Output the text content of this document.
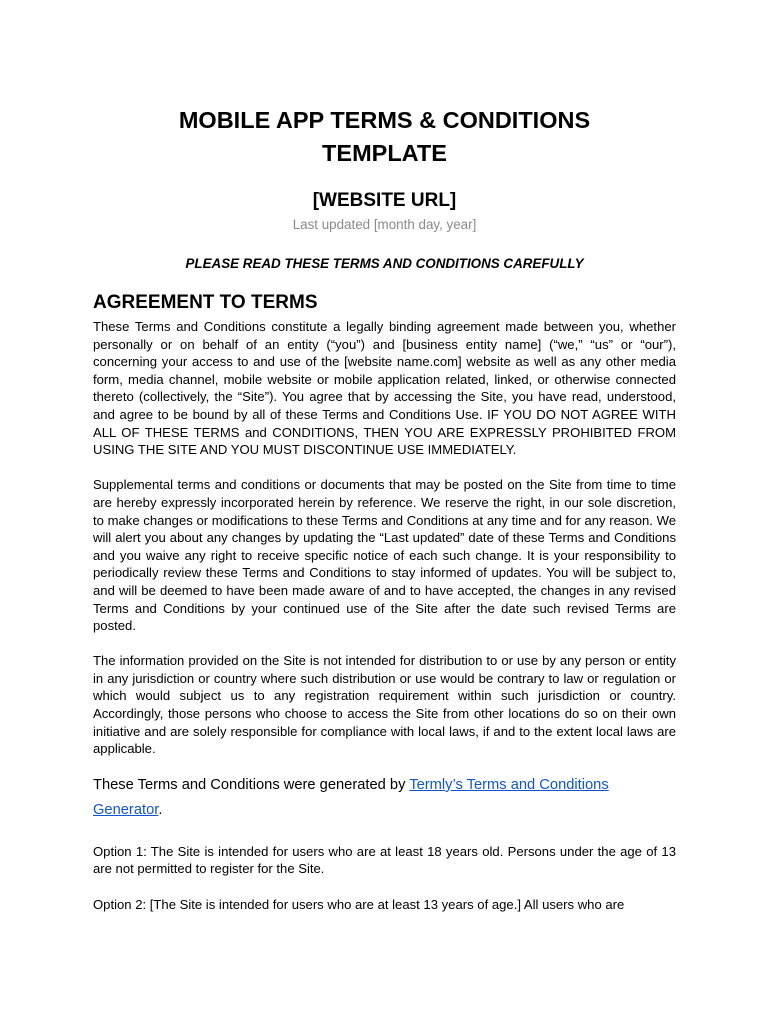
MOBILE APP TERMS & CONDITIONS
TEMPLATE

[WEBSITE URL]

Last updated [month day, year]

PLEASE READ THESE TERMS AND CONDITIONS CAREFULLY

AGREEMENT TO TERMS

These Terms and Conditions constitute a legally binding agreement made between you, whether personally or on behalf of an entity (“you”) and [business entity name] (“we,” “us” or “our”), concerning your access to and use of the [website name.com] website as well as any other media form, media channel, mobile website or mobile application related, linked, or otherwise connected thereto (collectively, the “Site”). You agree that by accessing the Site, you have read, understood, and agree to be bound by all of these Terms and Conditions Use. IF YOU DO NOT AGREE WITH ALL OF THESE TERMS and CONDITIONS, THEN YOU ARE EXPRESSLY PROHIBITED FROM USING THE SITE AND YOU MUST DISCONTINUE USE IMMEDIATELY.

Supplemental terms and conditions or documents that may be posted on the Site from time to time are hereby expressly incorporated herein by reference. We reserve the right, in our sole discretion, to make changes or modifications to these Terms and Conditions at any time and for any reason. We will alert you about any changes by updating the “Last updated” date of these Terms and Conditions and you waive any right to receive specific notice of each such change. It is your responsibility to periodically review these Terms and Conditions to stay informed of updates. You will be subject to, and will be deemed to have been made aware of and to have accepted, the changes in any revised Terms and Conditions by your continued use of the Site after the date such revised Terms are posted.

The information provided on the Site is not intended for distribution to or use by any person or entity in any jurisdiction or country where such distribution or use would be contrary to law or regulation or which would subject us to any registration requirement within such jurisdiction or country. Accordingly, those persons who choose to access the Site from other locations do so on their own initiative and are solely responsible for compliance with local laws, if and to the extent local laws are applicable.

These Terms and Conditions were generated by Termly’s Terms and Conditions Generator.

Option 1: The Site is intended for users who are at least 18 years old. Persons under the age of 13 are not permitted to register for the Site.

Option 2: [The Site is intended for users who are at least 13 years of age.] All users who are
